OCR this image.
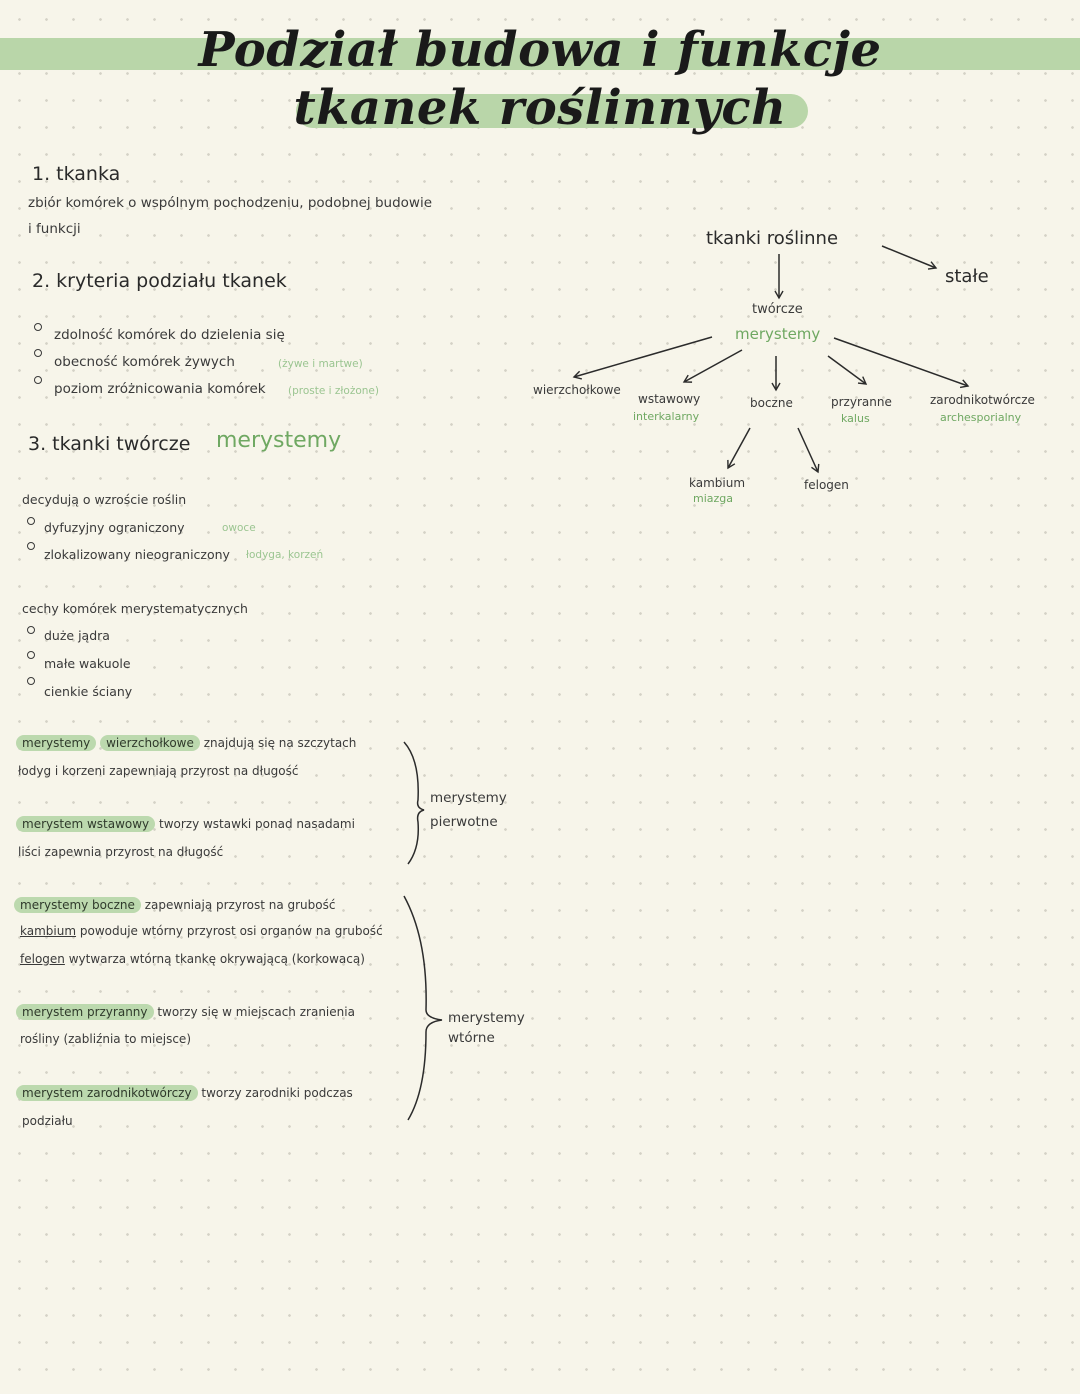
Podział budowa i funkcje
tkanek roślinnych
1. tkanka
zbiór komórek o wspólnym pochodzeniu, podobnej budowie
i funkcji
2. kryteria podziału tkanek
zdolność komórek do dzielenia się
obecność komórek żywych	(żywe i martwe)
poziom zróżnicowania komórek (proste i złożone)
3. tkanki twórcze merystemy
decydują o wzroście roślin
dyfuzyjny ograniczony	owoce
zlokalizowany nieograniczony łodyga, korzeń
cechy komórek merystematycznych
duże jądra
małe wakuole
cienkie ściany
merystemy wierzchołkowe znajdują się na szczytach
łodyg i korzeni zapewniają przyrost na długość
merystem wstawowy tworzy wstawki ponad nasadami
liści zapewnia przyrost na długość
merystemy
pierwotne
merystemy boczne zapewniają przyrost na grubość
kambium powoduje wtórny przyrost osi organów na grubość
felogen wytwarza wtórną tkankę okrywającą (korkowacą)
merystem przyranny tworzy się w miejscach zranienia
rośliny (zabliźnia to miejsce)
merystem zarodnikotwórczy tworzy zarodniki podczas
podziału
merystemy
wtórne
tkanki roślinne
stałe
twórcze
merystemy
wierzchołkowe
wstawowy
interkalarny
boczne	przyranne
kalus
zarodnikotwórcze
archesporialny
kambium
miazga
felogen
